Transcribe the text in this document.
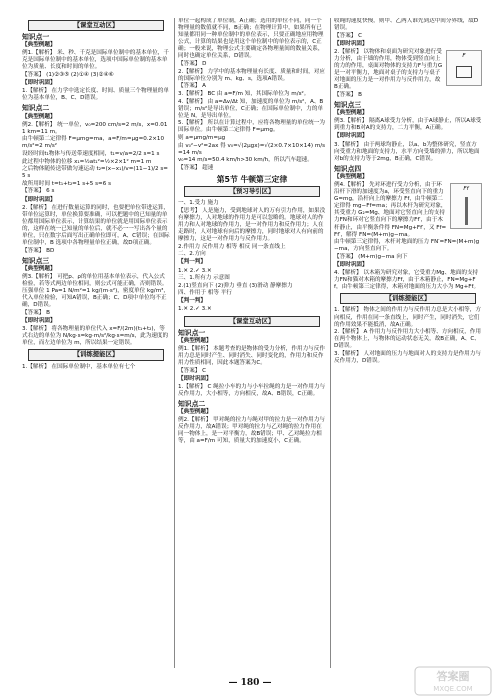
【课堂互动区】
知识点一
【典型例题】
例1.【解析】 米、秒、千克是国际单位制中的基本单位，千克是国际单位制中的基本单位，选项中国际单位制的基本单位为质量、长度和时间的单位。
【答案】 (1)②③⑤ (2)①④ (3)②④⑥
【即时巩固】
1.【解析】 在力学中选定长度、时间、质量三个物理量的单位为基本单位，B、C、D错误。
知识点二
【典型例题】
例2.【解析】 统一单位，v₀=200 cm/s=2 m/s，x=0.011 km=11 m。
由牛顿第二定律得 F=μmg=ma，a=F/m=μg=0.2×10 m/s²=2 m/s²
设经时间t₁物体与传送带速度相同，t₁=v/a=2/2 s=1 s
此过程中物体的位移 x₁=½at₁²=½×2×1² m=1 m
之后物体随传送带做匀速运动 t₂=(x−x₁)/v=(11−1)/2 s=5 s
故所用时间 t=t₁+t₂=1 s+5 s=6 s
【答案】 6 s
【即时巩固】
2.【解析】 在进行数量运算的同时，也要把单位带进运算，带单位运算时，单位换算要准确，可以把题中的已知量的单位都用国际单位表示，计算结果的单位就是用国际单位表示的，这样在统一已知量的单位后，就不必一一写出各个量的单位，只在数字后面写出正确单位即可，A、C错误；在国际单位制中，B 选项中各物理量单位正确，故D项正确。
【答案】 BD
知识点三
【典型例题】
例3.【解析】 可把p、ρ的单位用基本单位表示，代入公式检验，若等式两边单位相同，则公式可能正确，否则错误。压强单位 1 Pa=1 N/m²=1 kg/(m·s²)，密度单位 kg/m³，代入单位检验，可知A错误，B正确；C、D项中单位均不正确，D错误。
【答案】 B
【即时巩固】
3.【解析】 将各物理量的单位代入 x=F/(2m)(t₁+t₂)，等式右边的单位为 N/kg·s=kg·m/s²/kg·s=m/s，此为速度的单位，而左边单位为 m，所以结果一定错误。
【训练提能区】
1.【解析】 在国际单位制中，基本单位有七个
单位一起构成了单位制，A正确；选用的单位不同，同一个物理量的数值就不同，B正确；在物理计算中，如果所有已知量都用同一种单位制中的单位表示，只要正确地应用物理公式，计算的结果也是用这个单位制中的单位表示的，C正确；一般来说，物理公式主要确定各物理量间的数量关系，同时也确定单位关系，D错误。
【答案】 D
2.【解析】 力学中的基本物理量有长度、质量和时间，对应的国际单位分别为 m、kg、s，选项A错误。
【答案】 A
3.【解析】 BC 由 a=F/m 知，其国际单位为 m/s²。
4.【解析】 由 a=Δv/Δt 知，加速度的单位为 m/s²，A、B错误；m/s²是导出单位，C正确；在国际单位制中，力的单位是 N，是导出单位。
5.【解析】 所以在计算过程中，应将各物理量的单位统一为国际单位。由牛顿第二定律得 F=μmg。
则 a=μmg/m=μg
由 v₀²−v²=2ax 得 v₀=√(2μgx)=√(2×0.7×10×14) m/s=14 m/s
v₀=14 m/s=50.4 km/h>30 km/h，所以汽车超速。
【答案】 超速
第5节 牛顿第三定律
【预习导引区】
一、1.受力 施力
【思考】 人是施力，受到地球对人的万有引力作用，如果没有摩擦力，人对地球的作用力是可以忽略的。地球对人的作用力和人对地球的作用力，是一对作用力和反作用力；人在走路时，人对地球有向后的摩擦力，同时地球对人有向前的摩擦力，这是一对作用力与反作用力。
2.作用力 反作用力 相等 相反 同一条直线上
二、2.方向
【判一判】
1.✕ 2.✓ 3.✕
三、1.所有力 示意图
2.(1)竖直向下 (2)弹力 垂直 (3)滑动 静摩擦力
四、作用于 相等 平行
【判一判】
1.✕ 2.✓ 3.✕
【课堂互动区】
知识点一
【典型例题】
例1.【解析】 本题考查的是物体的受力分析，作用力与反作用力总是同时产生、同时消失、同时变化的，作用力和反作用力性质相同，因此本题答案为C。
【答案】 C
【即时巩固】
1.【解析】 C 绳拉小车的力与小车拉绳的力是一对作用力与反作用力，大小相等，方向相反，故A、B错误，C正确。
知识点二
【典型例题】
例2.【解析】 甲对绳的拉力与绳对甲的拉力是一对作用力与反作用力，故A错误；甲对绳的拉力与乙对绳的拉力作用在同一物体上，是一对平衡力，故B错误；甲、乙对绳拉力相等，由 a=F/m 可知，质量大的加速度小，C正确。
收绳的速度快慢，则甲、乙两人谁先到达中间分界线，故D错误。
【答案】 C
【即时巩固】
F
2.【解析】 以物体和桌面为研究对象进行受力分析，由于墙的作用，物体受到竖直向上的力的作用，桌面对物体的支持力F与重力G是一对平衡力，地面对桌子的支持力与桌子对地面的压力是一对作用力与反作用力，故B正确。
【答案】 B
知识点三
【典型例题】
例3.【解析】 隔离A球受力分析，由于A球静止，所以A球受到重力和B对A的支持力，二力平衡，A正确。
【即时巩固】
3.【解析】 由于两球均静止，以a、b为整体研究，竖直方向受重力和地面的支持力，水平方向受墙的弹力，所以地面对b的支持力等于2mg，B正确，C错误。
知识点四
【典型例题】
Ff
例4.【解析】 先对环进行受力分析，由于环沿杆下滑的加速度为a，环受竖直向下的重力 G=mg，沿杆向上的摩擦力 Ff，由牛顿第二定律得 mg−Ff=ma；再以木杆为研究对象，其受重力 G₂=Mg、地面对它竖直向上的支持力FN和环对它竖直向下的摩擦力Ff′，由于木杆静止，由平衡条件得 FN=Mg+Ff′，又 Ff=Ff′，解得 FN=(M+m)g−ma。
由牛顿第三定律得，木杆对地面的压力 FN′=FN=(M+m)g−ma，方向竖直向下。
【答案】 (M+m)g−ma 向下
【即时巩固】
4.【解析】 以木箱为研究对象，它受重力Mg、地面的支持力FN和猫对木箱的摩擦力Ff，由于木箱静止，FN=Mg+Ff，由牛顿第三定律得，木箱对地面的压力大小为 Mg+Ff。
【训练提能区】
1.【解析】 物体之间的作用力与反作用力总是大小相等，方向相反，作用在同一条直线上，同时产生，同时消失，它们的作用效果不能抵消，故A正确。
2.【解析】 A 作用力与反作用力大小相等、方向相反，作用在两个物体上，与物体的运动状态无关，故B正确，A、C、D错误。
3.【解析】 人对地面的压力与地面对人的支持力是作用力与反作用力，D错误。
— 180 —	答案圈
MXQE.COM
